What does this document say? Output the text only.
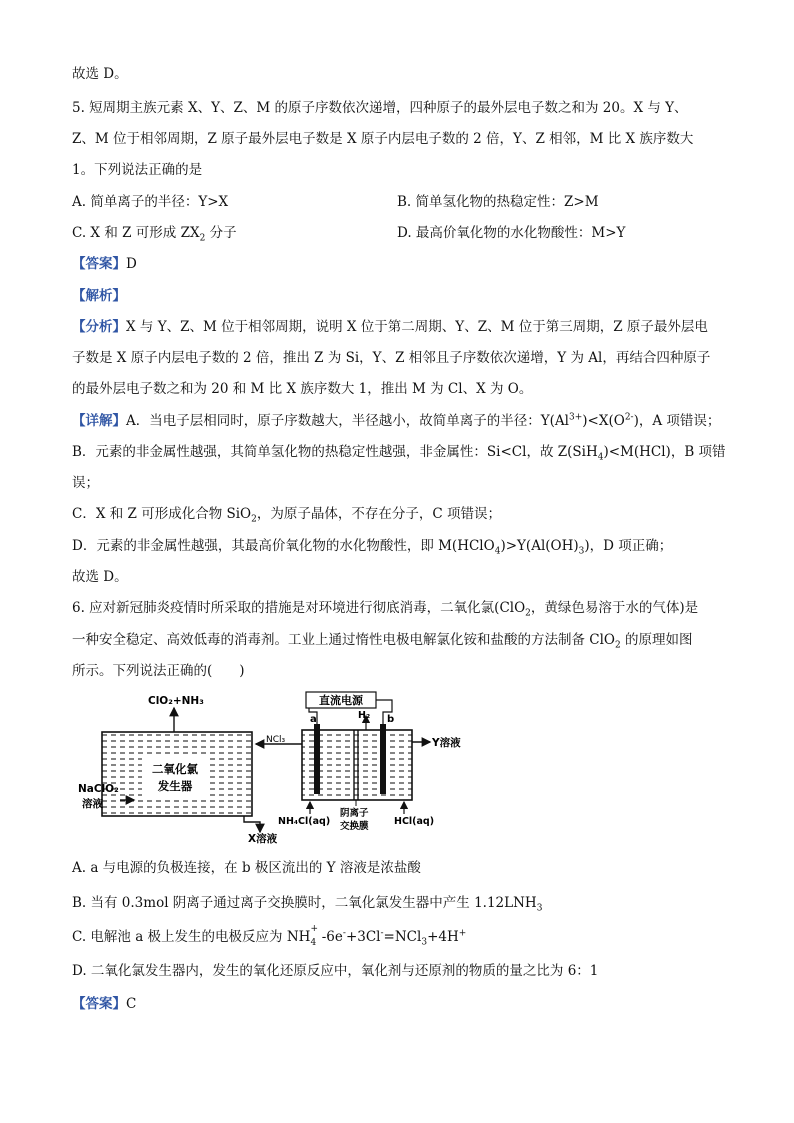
故选 D。
5. 短周期主族元素 X、Y、Z、M 的原子序数依次递增，四种原子的最外层电子数之和为 20。X 与 Y、
Z、M 位于相邻周期，Z 原子最外层电子数是 X 原子内层电子数的 2 倍，Y、Z 相邻，M 比 X 族序数大
1。下列说法正确的是
A. 简单离子的半径：Y>X	B. 简单氢化物的热稳定性：Z>M
C. X 和 Z 可形成 $ZX_2$ 分子	D. 最高价氧化物的水化物酸性：M>Y
【答案】D
【解析】
【分析】X 与 Y、Z、M 位于相邻周期，说明 X 位于第二周期、Y、Z、M 位于第三周期，Z 原子最外层电
子数是 X 原子内层电子数的 2 倍，推出 Z 为 Si，Y、Z 相邻且子序数依次递增，Y 为 Al，再结合四种原子
的最外层电子数之和为 20 和 M 比 X 族序数大 1，推出 M 为 Cl、X 为 O。
【详解】A．当电子层相同时，原子序数越大，半径越小，故简单离子的半径：$Y(Al^{3+})<X(O^{2-})$，A 项错误；
B．元素的非金属性越强，其简单氢化物的热稳定性越强，非金属性：Si<Cl，故 Z(SiH$_4$)<M(HCl)，B 项错
误；
C．X 和 Z 可形成化合物 SiO$_2$，为原子晶体，不存在分子，C 项错误；
D．元素的非金属性越强，其最高价氧化物的水化物酸性，即 $M(HClO_4)>Y(Al(OH)_3)$，D 项正确；
故选 D。
6. 应对新冠肺炎疫情时所采取的措施是对环境进行彻底消毒，二氧化氯(ClO$_2$，黄绿色易溶于水的气体)是
一种安全稳定、高效低毒的消毒剂。工业上通过惰性电极电解氯化铵和盐酸的方法制备 ClO$_2$ 的原理如图
所示。下列说法正确的(　　)
二氧化氯
发生器
ClO₂+NH₃
NaClO₂
溶液
X溶液
NCl₃
直流电源
a	b
H₂
Y溶液
NH₄Cl(aq)	HCl(aq)
阴离子
交换膜
A. a 与电源的负极连接，在 b 极区流出的 Y 溶液是浓盐酸
B. 当有 0.3mol 阴离子通过离子交换膜时，二氧化氯发生器中产生 $1.12LNH_3$
C. 电解池 a 极上发生的电极反应为 NH +
4 -6e-+3Cl-=NCl$_3$+4H+
D. 二氧化氯发生器内，发生的氧化还原反应中，氧化剂与还原剂的物质的量之比为 6：1
【答案】C
